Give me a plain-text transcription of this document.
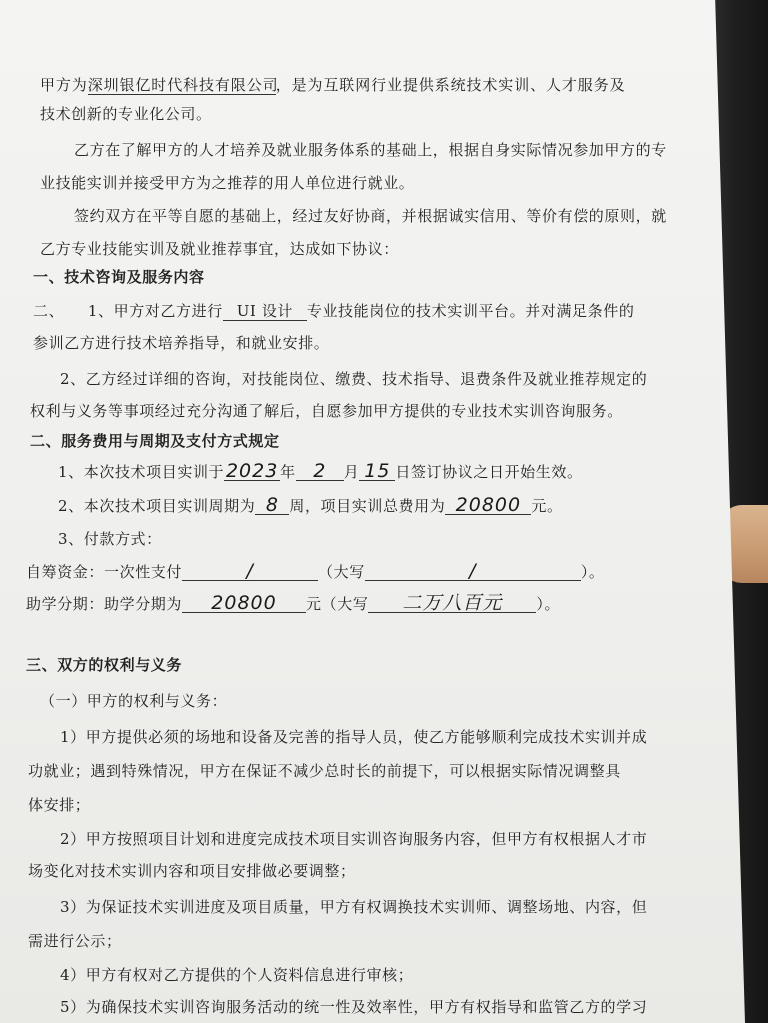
甲方为深圳银亿时代科技有限公司，是为互联网行业提供系统技术实训、人才服务及

技术创新的专业化公司。

乙方在了解甲方的人才培养及就业服务体系的基础上，根据自身实际情况参加甲方的专

业技能实训并接受甲方为之推荐的用人单位进行就业。

签约双方在平等自愿的基础上，经过友好协商，并根据诚实信用、等价有偿的原则，就

乙方专业技能实训及就业推荐事宜，达成如下协议：

一、技术咨询及服务内容

二、　　1、甲方对乙方进行 UI 设计 专业技能岗位的技术实训平台。并对满足条件的

参训乙方进行技术培养指导，和就业安排。

2、乙方经过详细的咨询，对技能岗位、缴费、技术指导、退费条件及就业推荐规定的

权利与义务等事项经过充分沟通了解后，自愿参加甲方提供的专业技术实训咨询服务。

二、服务费用与周期及支付方式规定

1、本次技术项目实训于2023 年 2 月 15 日签订协议之日开始生效。

2、本次技术项目实训周期为 8 周，项目实训总费用为 20800 元。

3、付款方式：

自筹资金：一次性支付	/	（大写	/	）。

助学分期：助学分期为 20800 元（大写 二万八百元 ）。

三、双方的权利与义务

（一）甲方的权利与义务：

1）甲方提供必须的场地和设备及完善的指导人员，使乙方能够顺利完成技术实训并成

功就业；遇到特殊情况，甲方在保证不减少总时长的前提下，可以根据实际情况调整具

体安排；

2）甲方按照项目计划和进度完成技术项目实训咨询服务内容，但甲方有权根据人才市

场变化对技术实训内容和项目安排做必要调整；

3）为保证技术实训进度及项目质量，甲方有权调换技术实训师、调整场地、内容，但

需进行公示；

4）甲方有权对乙方提供的个人资料信息进行审核；

5）为确保技术实训咨询服务活动的统一性及效率性，甲方有权指导和监管乙方的学习
